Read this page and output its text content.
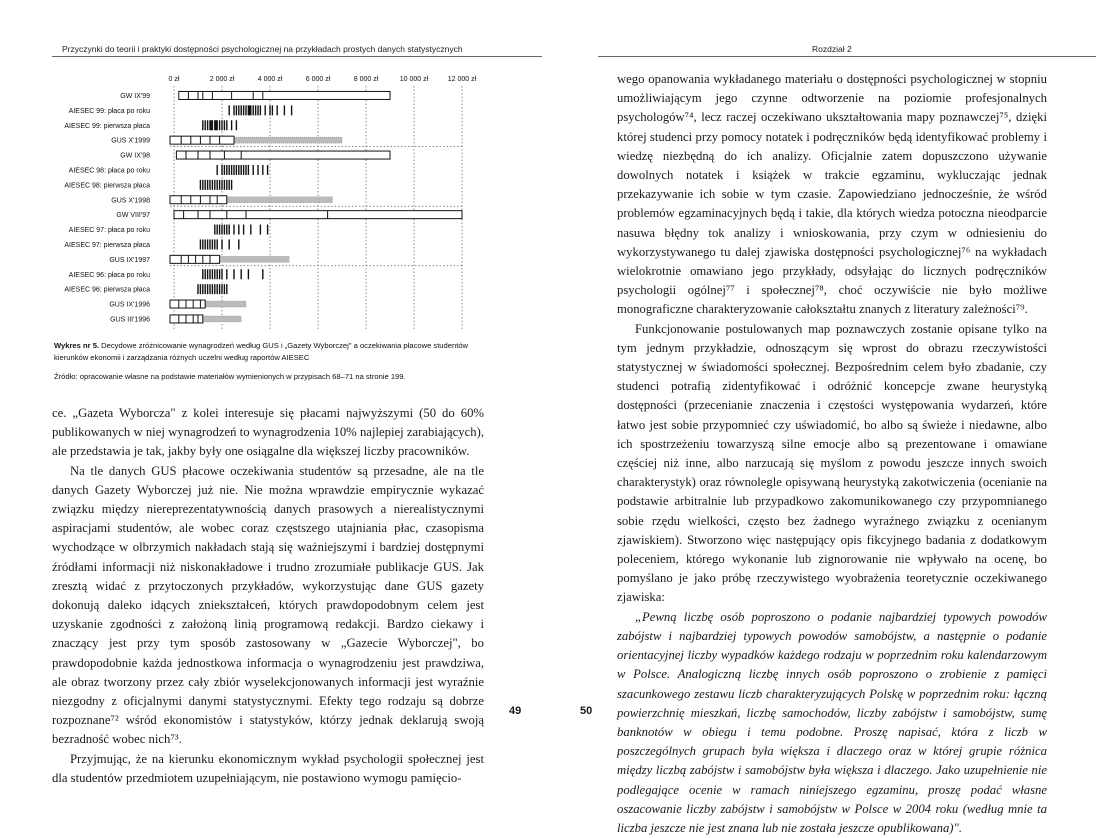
Przyczynki do teorii i praktyki dostępności psychologicznej na przykładach prostych danych statystycznych
0 zł	2 000 zł	4 000 zł	6 000 zł	8 000 zł	10 000 zł	12 000 zł
GW IX'99
AIESEC 99: płaca po roku
AIESEC 99: pierwsza płaca
GUS X'1999
GW IX'98
AIESEC 98: płaca po roku
AIESEC 98: pierwsza płaca
GUS X'1998
GW VIII'97
AIESEC 97: płaca po roku
AIESEC 97: pierwsza płaca
GUS IX'1997
AIESEC 96: płaca po roku
AIESEC 96: pierwsza płaca
GUS IX'1996
GUS III'1996
Wykres nr 5. Decydowe zróżnicowanie wynagrodzeń według GUS i „Gazety Wyborczej" a oczekiwania płacowe studentów kierunków ekonomii i zarządzania różnych uczelni według raportów AIESEC
Źródło: opracowanie własne na podstawie materiałów wymienionych w przypisach 68–71 na stronie 199.

ce. „Gazeta Wyborcza" z kolei interesuje się płacami najwyższymi (50 do 60% publikowanych w niej wynagrodzeń to wynagrodzenia 10% najlepiej zarabiających), ale przedstawia je tak, jakby były one osiągalne dla większej liczby pracowników.

Na tle danych GUS płacowe oczekiwania studentów są przesadne, ale na tle danych Gazety Wyborczej już nie. Nie można wprawdzie empirycznie wykazać związku między niereprezentatywnością danych prasowych a nierealistycznymi aspiracjami studentów, ale wobec coraz częstszego utajniania płac, czasopisma wychodzące w olbrzymich nakładach stają się ważniejszymi i bardziej dostępnymi źródłami informacji niż niskonakładowe i trudno zrozumiałe publikacje GUS. Jak zresztą widać z przytoczonych przykładów, wykorzystując dane GUS gazety dokonują daleko idących zniekształceń, których prawdopodobnym celem jest uzyskanie zgodności z założoną linią programową redakcji. Bardzo ciekawy i znaczący jest przy tym sposób zastosowany w „Gazecie Wyborczej", bo prawdopodobnie każda jednostkowa informacja o wynagrodzeniu jest prawdziwa, ale obraz tworzony przez cały zbiór wyselekcjonowanych informacji jest wyraźnie niezgodny z oficjalnymi danymi statystycznymi. Efekty tego rodzaju są dobrze rozpoznane⁷² wśród ekonomistów i statystyków, którzy jednak deklarują swoją bezradność wobec nich⁷³.

Przyjmując, że na kierunku ekonomicznym wykład psychologii społecznej jest dla studentów przedmiotem uzupełniającym, nie postawiono wymogu pamięcio-

49
Rozdział 2

wego opanowania wykładanego materiału o dostępności psychologicznej w stopniu umożliwiającym jego czynne odtworzenie na poziomie profesjonalnych psychologów⁷⁴, lecz raczej oczekiwano ukształtowania mapy poznawczej⁷⁵, dzięki której studenci przy pomocy notatek i podręczników będą identyfikować problemy i wiedzę niezbędną do ich analizy. Oficjalnie zatem dopuszczono używanie dowolnych notatek i książek w trakcie egzaminu, wykluczając jednak przekazywanie ich sobie w tym czasie. Zapowiedziano jednocześnie, że wśród problemów egzaminacyjnych będą i takie, dla których wiedza potoczna nieodparcie nasuwa błędny tok analizy i wnioskowania, przy czym w odniesieniu do wykorzystywanego tu dalej zjawiska dostępności psychologicznej⁷⁶ na wykładach wielokrotnie omawiano jego przykłady, odsyłając do licznych podręczników psychologii ogólnej⁷⁷ i społecznej⁷⁸, choć oczywiście nie było możliwe monograficzne charakteryzowanie całokształtu znanych z literatury zależności⁷⁹.

Funkcjonowanie postulowanych map poznawczych zostanie opisane tylko na tym jednym przykładzie, odnoszącym się wprost do obrazu rzeczywistości statystycznej w świadomości społecznej. Bezpośrednim celem było zbadanie, czy studenci potrafią zidentyfikować i odróżnić koncepcje zwane heurystyką dostępności (przecenianie znaczenia i częstości występowania wydarzeń, które łatwo jest sobie przypomnieć czy uświadomić, bo albo są świeże i niedawne, albo ich spostrzeżeniu towarzyszą silne emocje albo są prezentowane i omawiane częściej niż inne, albo narzucają się myślom z powodu jeszcze innych swoich charakterystyk) oraz równolegle opisywaną heurystyką zakotwiczenia (ocenianie na podstawie arbitralnie lub przypadkowo zakomunikowanego czy przypomnianego sobie rzędu wielkości, często bez żadnego wyraźnego związku z ocenianym zjawiskiem). Stworzono więc następujący opis fikcyjnego badania z dodatkowym poleceniem, którego wykonanie lub zignorowanie nie wpływało na ocenę, bo pomyślano je jako próbę rzeczywistego wyobrażenia teoretycznie oczekiwanego zjawiska:

„Pewną liczbę osób poproszono o podanie najbardziej typowych powodów zabójstw i najbardziej typowych powodów samobójstw, a następnie o podanie orientacyjnej liczby wypadków każdego rodzaju w poprzednim roku kalendarzowym w Polsce. Analogiczną liczbę innych osób poproszono o zrobienie z pamięci szacunkowego zestawu liczb charakteryzujących Polskę w poprzednim roku: łączną powierzchnię mieszkań, liczbę samochodów, liczby zabójstw i samobójstw, sumę banknotów w obiegu i temu podobne. Proszę napisać, która z liczb w poszczególnych grupach była większa i dlaczego oraz w której grupie różnica między liczbą zabójstw i samobójstw była większa i dlaczego. Jako uzupełnienie nie podlegające ocenie w ramach niniejszego egzaminu, proszę podać własne oszacowanie liczby zabójstw i samobójstw w Polsce w 2004 roku (według mnie ta liczba jeszcze nie jest znana lub nie została jeszcze opublikowana)".

50
